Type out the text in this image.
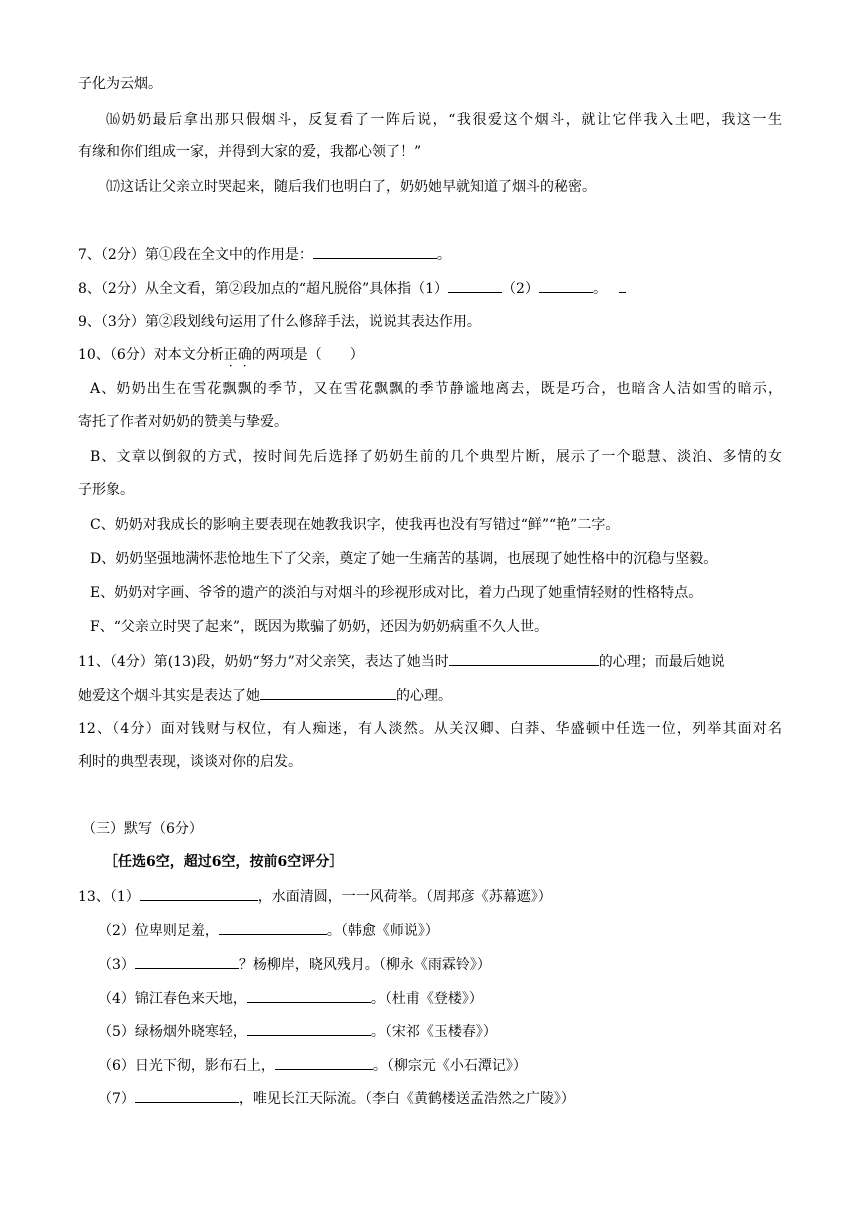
子化为云烟。
⒃奶奶最后拿出那只假烟斗，反复看了一阵后说，“我很爱这个烟斗，就让它伴我入土吧，我这一生
有缘和你们组成一家，并得到大家的爱，我都心领了！”
⒄这话让父亲立时哭起来，随后我们也明白了，奶奶她早就知道了烟斗的秘密。
7、（2分）第①段在全文中的作用是：	。
8、（2分）从全文看，第②段加点的“超凡脱俗”具体指（1）	（2）	。
9、（3分）第②段划线句运用了什么修辞手法，说说其表达作用。
10、（6分）对本文分析正确的两项是（　　）
A、奶奶出生在雪花飘飘的季节，又在雪花飘飘的季节静谧地离去，既是巧合，也暗含人洁如雪的暗示，
寄托了作者对奶奶的赞美与挚爱。
B、文章以倒叙的方式，按时间先后选择了奶奶生前的几个典型片断，展示了一个聪慧、淡泊、多情的女
子形象。
C、奶奶对我成长的影响主要表现在她教我识字，使我再也没有写错过“鲜”“艳”二字。
D、奶奶坚强地满怀悲怆地生下了父亲，奠定了她一生痛苦的基调，也展现了她性格中的沉稳与坚毅。
E、奶奶对字画、爷爷的遗产的淡泊与对烟斗的珍视形成对比，着力凸现了她重情轻财的性格特点。
F、“父亲立时哭了起来”，既因为欺骗了奶奶，还因为奶奶病重不久人世。
11、（4分）第(13)段，奶奶“努力”对父亲笑，表达了她当时	的心理；而最后她说
她爱这个烟斗其实是表达了她	的心理。
12、（4分）面对钱财与权位，有人痴迷，有人淡然。从关汉卿、白莽、华盛顿中任选一位，列举其面对名
利时的典型表现，谈谈对你的启发。
（三）默写（6分）
［任选6空，超过6空，按前6空评分］
13、（1）	，水面清圆，一一风荷举。（周邦彦《苏幕遮》）
（2）位卑则足羞，	。（韩愈《师说》）
（3）	？杨柳岸，晓风残月。（柳永《雨霖铃》）
（4）锦江春色来天地，	。（杜甫《登楼》）
（5）绿杨烟外晓寒轻，	。（宋祁《玉楼春》）
（6）日光下彻，影布石上，	。（柳宗元《小石潭记》）
（7）	，唯见长江天际流。（李白《黄鹤楼送孟浩然之广陵》）
